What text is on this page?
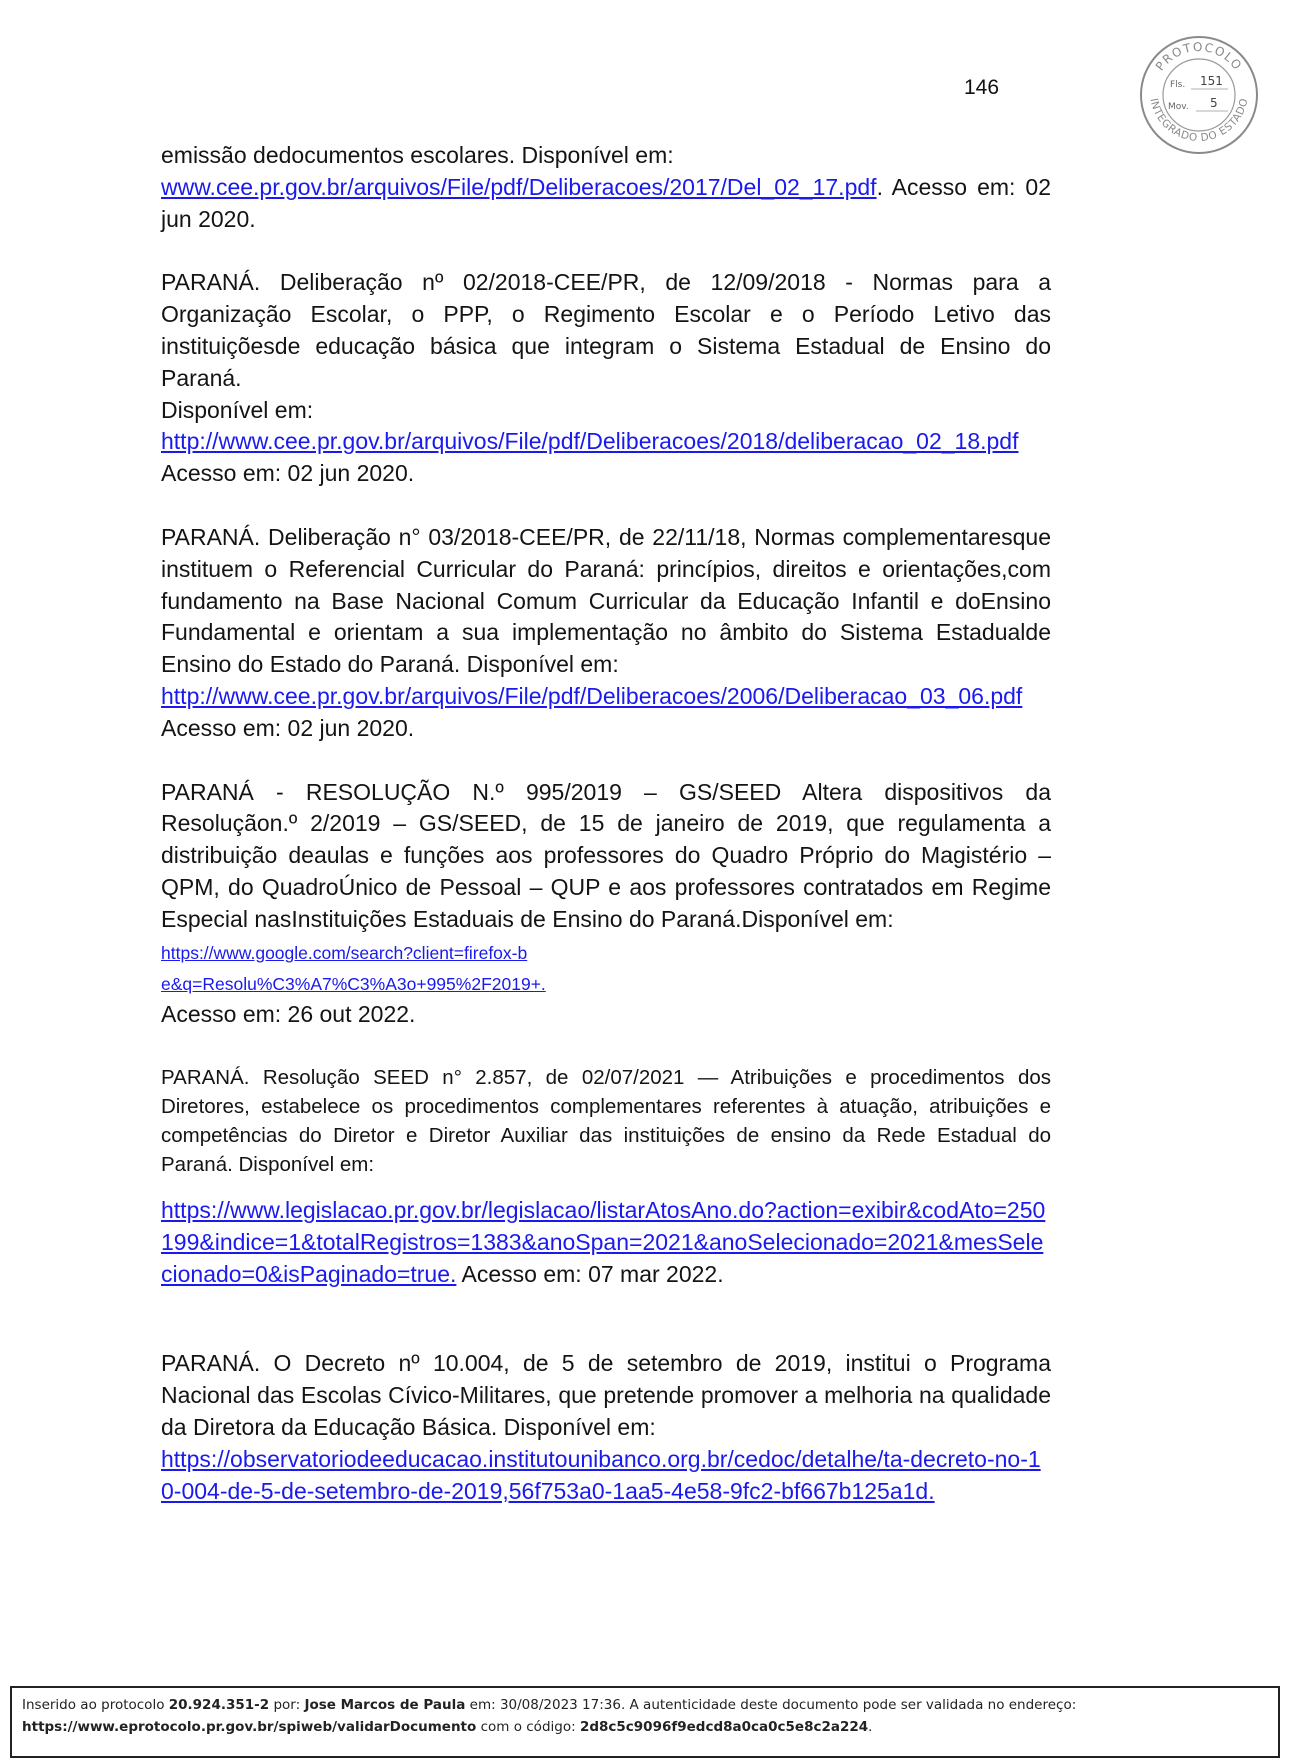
146
PROTOCOLO
INTEGRADO DO ESTADO
Fls. 151
Mov. 5

emissão dedocumentos escolares. Disponível em:
www.cee.pr.gov.br/arquivos/File/pdf/Deliberacoes/2017/Del_02_17.pdf. Acesso em: 02 jun 2020.

PARANÁ. Deliberação nº 02/2018-CEE/PR, de 12/09/2018 - Normas para a Organização Escolar, o PPP, o Regimento Escolar e o Período Letivo das instituiçõesde educação básica que integram o Sistema Estadual de Ensino do Paraná.
Disponível em:
http://www.cee.pr.gov.br/arquivos/File/pdf/Deliberacoes/2018/deliberacao_02_18.pdf Acesso em: 02 jun 2020.

PARANÁ. Deliberação n° 03/2018-CEE/PR, de 22/11/18, Normas complementaresque instituem o Referencial Curricular do Paraná: princípios, direitos e orientações,com fundamento na Base Nacional Comum Curricular da Educação Infantil e doEnsino Fundamental e orientam a sua implementação no âmbito do Sistema Estadualde Ensino do Estado do Paraná. Disponível em:
http://www.cee.pr.gov.br/arquivos/File/pdf/Deliberacoes/2006/Deliberacao_03_06.pdfAcesso em: 02 jun 2020.

PARANÁ - RESOLUÇÃO N.º 995/2019 – GS/SEED Altera dispositivos da Resoluçãon.º 2/2019 – GS/SEED, de 15 de janeiro de 2019, que regulamenta a distribuição deaulas e funções aos professores do Quadro Próprio do Magistério – QPM, do QuadroÚnico de Pessoal – QUP e aos professores contratados em Regime Especial nasInstituições Estaduais de Ensino do Paraná.Disponível em:
https://www.google.com/search?client=firefox-b
e&q=Resolu%C3%A7%C3%A3o+995%2F2019+.
Acesso em: 26 out 2022.

PARANÁ. Resolução SEED n° 2.857, de 02/07/2021 — Atribuições e procedimentos dos Diretores, estabelece os procedimentos complementares referentes à atuação, atribuições e competências do Diretor e Diretor Auxiliar das instituições de ensino da Rede Estadual do Paraná. Disponível em:

https://www.legislacao.pr.gov.br/legislacao/listarAtosAno.do?action=exibir&codAto=250199&indice=1&totalRegistros=1383&anoSpan=2021&anoSelecionado=2021&mesSelecionado=0&isPaginado=true. Acesso em: 07 mar 2022.

PARANÁ. O Decreto nº 10.004, de 5 de setembro de 2019, institui o Programa Nacional das Escolas Cívico-Militares, que pretende promover a melhoria na qualidade da Diretora da Educação Básica. Disponível em:
https://observatoriodeeducacao.institutounibanco.org.br/cedoc/detalhe/ta-decreto-no-10-004-de-5-de-setembro-de-2019,56f753a0-1aa5-4e58-9fc2-bf667b125a1d.

Inserido ao protocolo 20.924.351-2 por: Jose Marcos de Paula em: 30/08/2023 17:36. A autenticidade deste documento pode ser validada no endereço:
https://www.eprotocolo.pr.gov.br/spiweb/validarDocumento com o código: 2d8c5c9096f9edcd8a0ca0c5e8c2a224.
